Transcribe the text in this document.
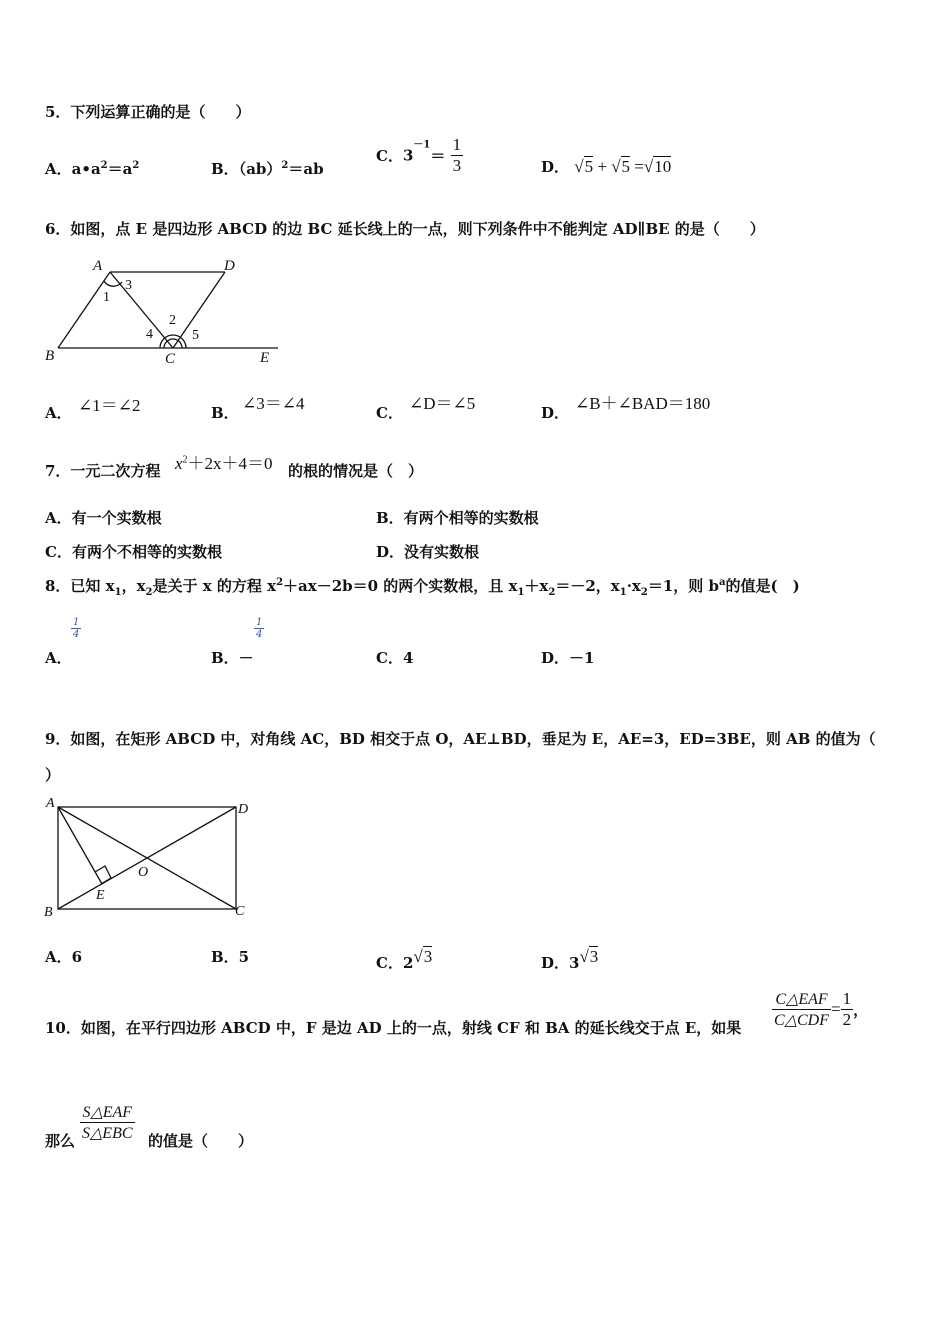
5．下列运算正确的是（　　）
A．$a•a^2=a^2$	B．（ab）$^2$＝ab
C．$3^{-1}= \frac{1}{3}$	D． √5 + √5 =√10
6．如图，点 E 是四边形 ABCD 的边 BC 延长线上的一点，则下列条件中不能判定 AD∥BE 的是（　　）
A	D
B	C	E
1
3
4
2
5
A． ∠1＝∠2	B． ∠3＝∠4	C． ∠D＝∠5	D． ∠B＋∠BAD＝180
7．一元二次方程 $x^2+2x+4=0$ 的根的情况是（　）
A．有一个实数根	B．有两个相等的实数根
C．有两个不相等的实数根	D．没有实数根
8．已知 $x_1$，$x_2$是关于 x 的方程 $x^2+ax-2b=0$ 的两个实数根，且 $x_1+x_2=-2$，$x_1\cdot x_2=1$，则 $b^a$的值是(　)
A．
$\frac{1}{4}$
B．－
$\frac{1}{4}$
C．4	D．－1
9．如图，在矩形 ABCD 中，对角线 AC，BD 相交于点 O，AE⊥BD，垂足为 E，AE=3，ED=3BE，则 AB 的值为（
）
A	D
B	C
E
O
A．6	B．5	C．2√3	D．3√3
10．如图，在平行四边形 ABCD 中，F 是边 AD 上的一点，射线 CF 和 BA 的延长线交于点 E，如果 $\frac{\text{C△EAF}}{\text{C△CDF}} = \frac{1}{2}$ ，
那么 $\frac{\text{S△EAF}}{\text{S△EBC}}$ 的值是（　　）
